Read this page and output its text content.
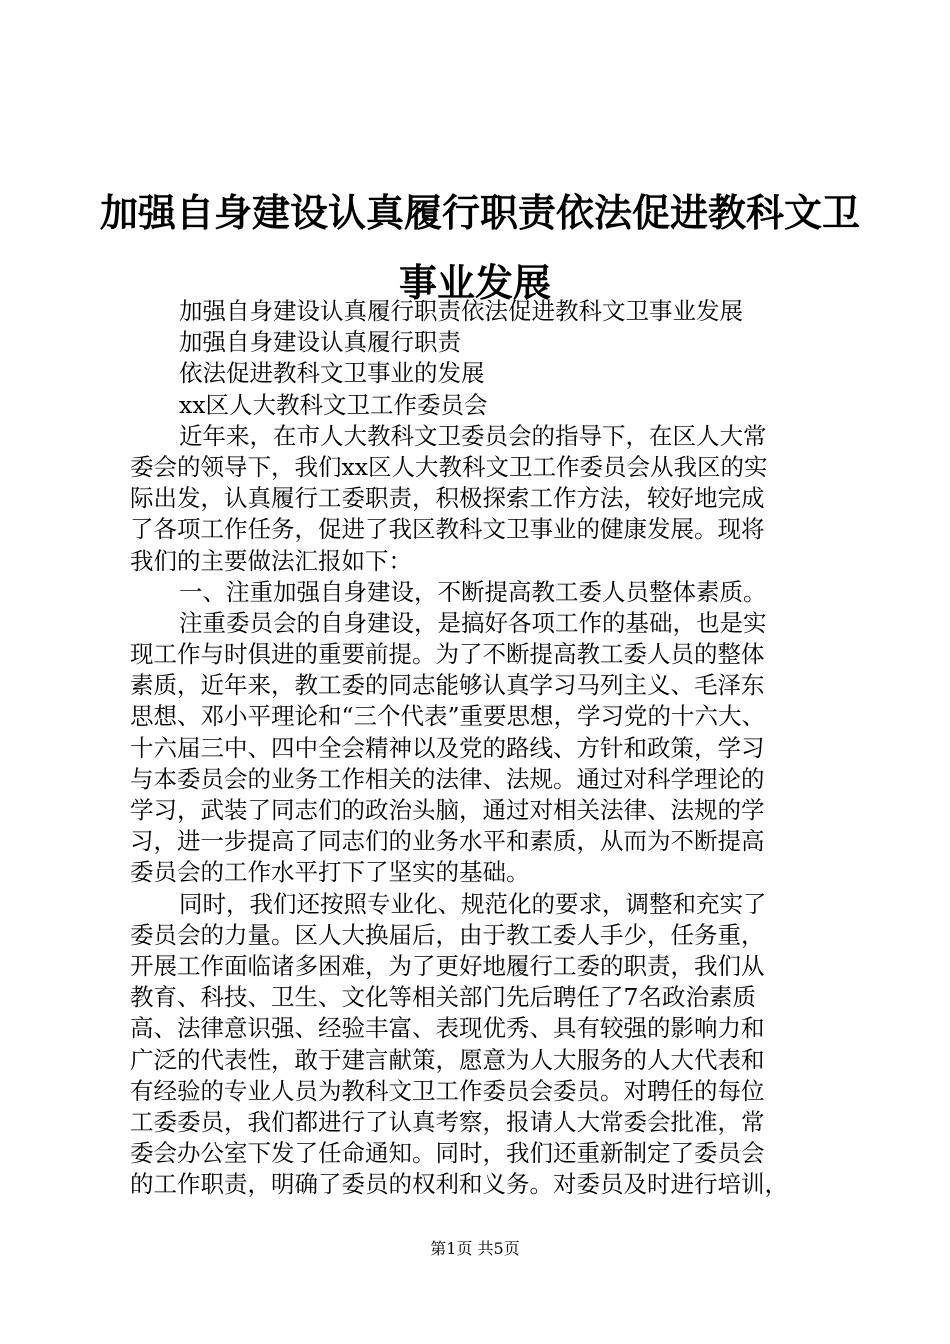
加强自身建设认真履行职责依法促进教科文卫
事业发展
加强自身建设认真履行职责依法促进教科文卫事业发展
加强自身建设认真履行职责
依法促进教科文卫事业的发展
xx区人大教科文卫工作委员会
近年来，在市人大教科文卫委员会的指导下，在区人大常
委会的领导下，我们xx区人大教科文卫工作委员会从我区的实
际出发，认真履行工委职责，积极探索工作方法，较好地完成
了各项工作任务，促进了我区教科文卫事业的健康发展。现将
我们的主要做法汇报如下：
一、注重加强自身建设，不断提高教工委人员整体素质。
注重委员会的自身建设，是搞好各项工作的基础，也是实
现工作与时俱进的重要前提。为了不断提高教工委人员的整体
素质，近年来，教工委的同志能够认真学习马列主义、毛泽东
思想、邓小平理论和“三个代表”重要思想，学习党的十六大、
十六届三中、四中全会精神以及党的路线、方针和政策，学习
与本委员会的业务工作相关的法律、法规。通过对科学理论的
学习，武装了同志们的政治头脑，通过对相关法律、法规的学
习，进一步提高了同志们的业务水平和素质，从而为不断提高
委员会的工作水平打下了坚实的基础。
同时，我们还按照专业化、规范化的要求，调整和充实了
委员会的力量。区人大换届后，由于教工委人手少，任务重，
开展工作面临诸多困难，为了更好地履行工委的职责，我们从
教育、科技、卫生、文化等相关部门先后聘任了7名政治素质
高、法律意识强、经验丰富、表现优秀、具有较强的影响力和
广泛的代表性，敢于建言献策，愿意为人大服务的人大代表和
有经验的专业人员为教科文卫工作委员会委员。对聘任的每位
工委委员，我们都进行了认真考察，报请人大常委会批准，常
委会办公室下发了任命通知。同时，我们还重新制定了委员会
的工作职责，明确了委员的权利和义务。对委员及时进行培训，
第1页 共5页
